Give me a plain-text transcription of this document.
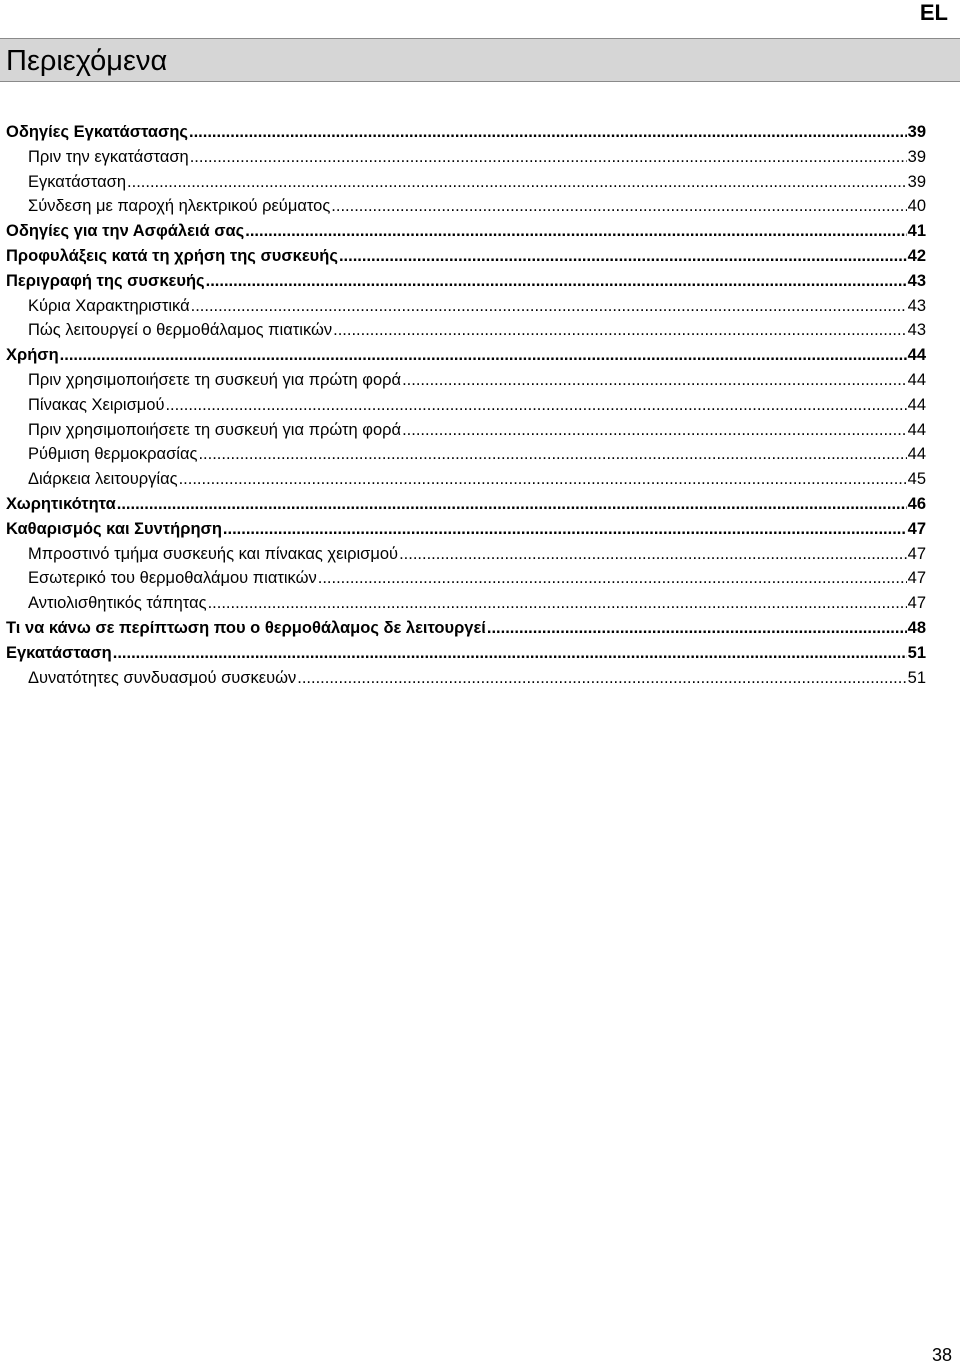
EL
Περιεχόμενα
Οδηγίες Εγκατάστασης .....	39
Πριν την εγκατάσταση .....	39
Εγκατάσταση .....	39
Σύνδεση με παροχή ηλεκτρικού ρεύματος .....	40
Οδηγίες για την Ασφάλειά σας .....	41
Προφυλάξεις κατά τη χρήση της συσκευής .....	42
Περιγραφή της συσκευής .....	43
Κύρια Χαρακτηριστικά .....	43
Πώς λειτουργεί ο θερμοθάλαμος πιατικών .....	43
Χρήση .....	44
Πριν χρησιμοποιήσετε τη συσκευή για πρώτη φορά .....	44
Πίνακας Χειρισμού .....	44
Πριν χρησιμοποιήσετε τη συσκευή για πρώτη φορά .....	44
Ρύθμιση θερμοκρασίας .....	44
Διάρκεια λειτουργίας .....	45
Χωρητικότητα .....	46
Καθαρισμός και Συντήρηση .....	47
Μπροστινό τμήμα συσκευής και πίνακας χειρισμού .....	47
Εσωτερικό του θερμοθαλάμου πιατικών .....	47
Αντιολισθητικός τάπητας .....	47
Τι να κάνω σε περίπτωση που ο θερμοθάλαμος δε λειτουργεί .....	48
Εγκατάσταση .....	51
Δυνατότητες συνδυασμού συσκευών .....	51
38
